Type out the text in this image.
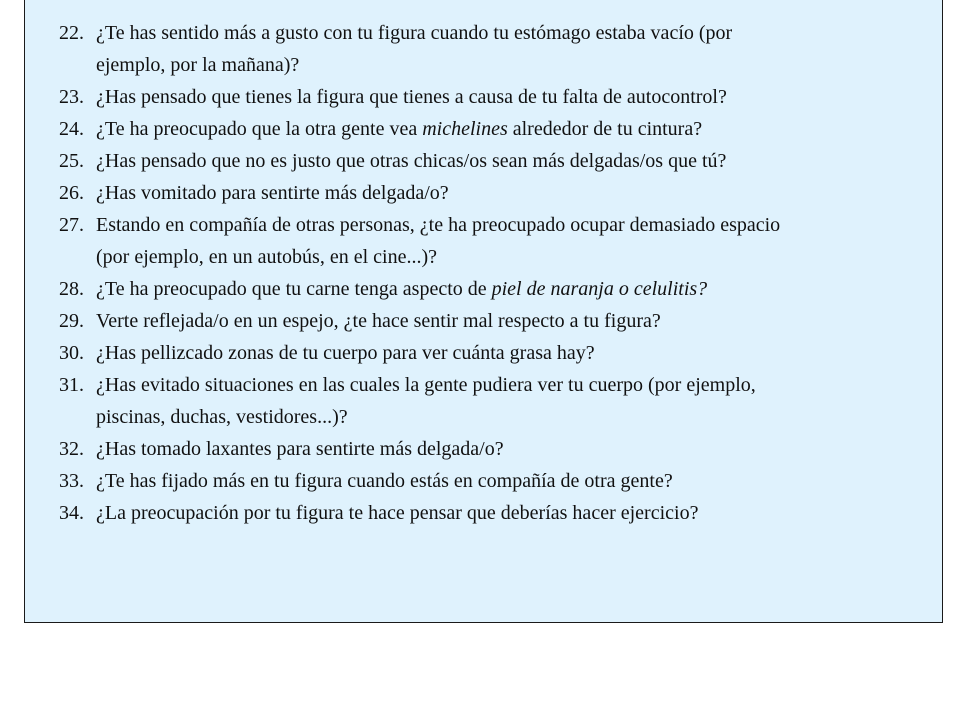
22. ¿Te has sentido más a gusto con tu figura cuando tu estómago estaba vacío (por
ejemplo, por la mañana)?
23. ¿Has pensado que tienes la figura que tienes a causa de tu falta de autocontrol?
24. ¿Te ha preocupado que la otra gente vea michelines alrededor de tu cintura?
25. ¿Has pensado que no es justo que otras chicas/os sean más delgadas/os que tú?
26. ¿Has vomitado para sentirte más delgada/o?
27. Estando en compañía de otras personas, ¿te ha preocupado ocupar demasiado espacio
(por ejemplo, en un autobús, en el cine...)?
28. ¿Te ha preocupado que tu carne tenga aspecto de piel de naranja o celulitis?
29. Verte reflejada/o en un espejo, ¿te hace sentir mal respecto a tu figura?
30. ¿Has pellizcado zonas de tu cuerpo para ver cuánta grasa hay?
31. ¿Has evitado situaciones en las cuales la gente pudiera ver tu cuerpo (por ejemplo,
piscinas, duchas, vestidores...)?
32. ¿Has tomado laxantes para sentirte más delgada/o?
33. ¿Te has fijado más en tu figura cuando estás en compañía de otra gente?
34. ¿La preocupación por tu figura te hace pensar que deberías hacer ejercicio?
